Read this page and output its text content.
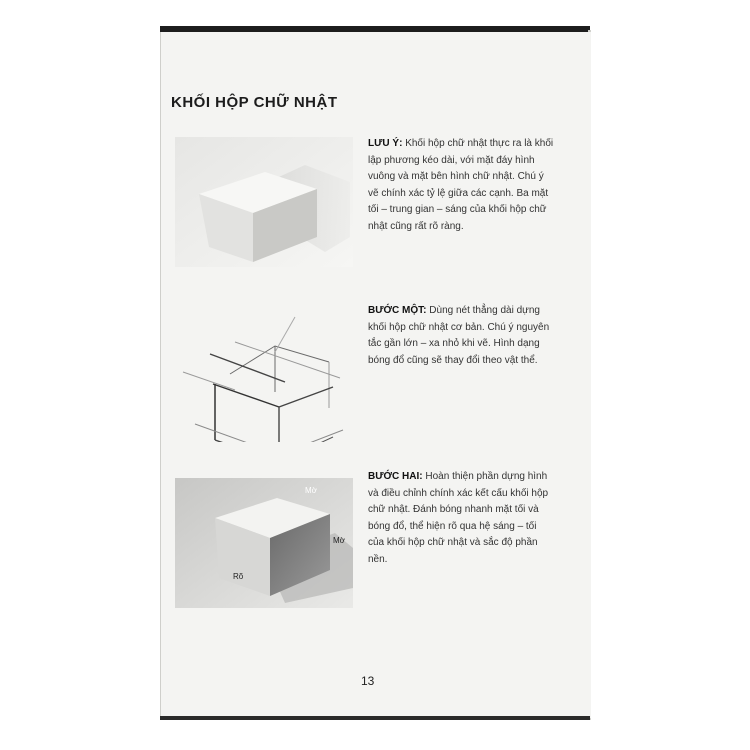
KHỐI HỘP CHỮ NHẬT
LƯU Ý: Khối hộp chữ nhật thực ra là khối lập phương kéo dài, với mặt đáy hình vuông và mặt bên hình chữ nhật. Chú ý vẽ chính xác tỷ lệ giữa các cạnh. Ba mặt tối – trung gian – sáng của khối hộp chữ nhật cũng rất rõ ràng.
BƯỚC MỘT: Dùng nét thẳng dài dựng khối hộp chữ nhật cơ bản. Chú ý nguyên tắc gần lớn – xa nhỏ khi vẽ. Hình dạng bóng đổ cũng sẽ thay đổi theo vật thể.
Mờ
Mờ
Rõ
BƯỚC HAI: Hoàn thiện phần dựng hình và điều chỉnh chính xác kết cấu khối hộp chữ nhật. Đánh bóng nhanh mặt tối và bóng đổ, thể hiện rõ qua hệ sáng – tối của khối hộp chữ nhật và sắc độ phần nền.
13
